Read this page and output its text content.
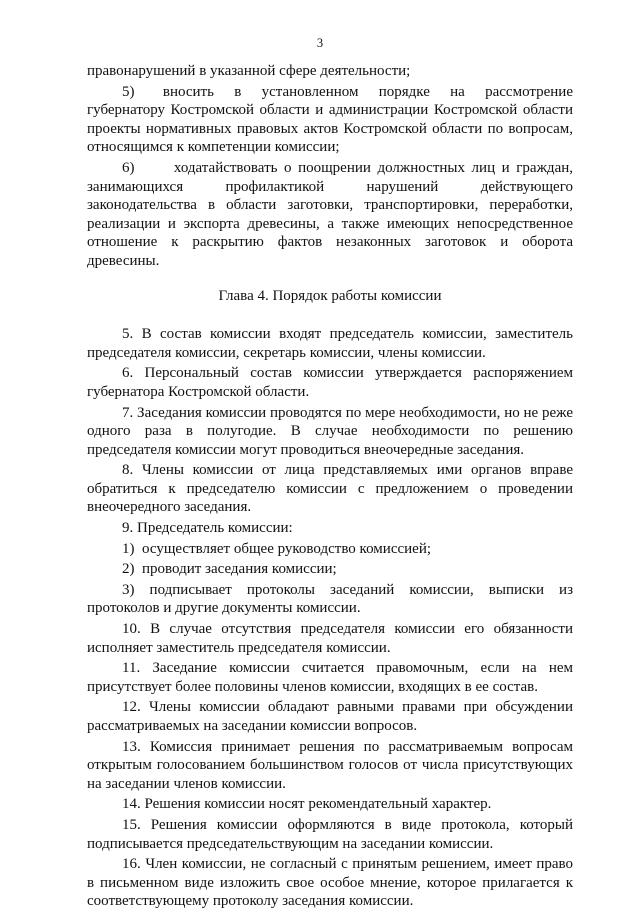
3

правонарушений в указанной сфере деятельности;

5)       вносить     в     установленном     порядке     на     рассмотрение губернатору Костромской области и администрации Костромской области проекты нормативных правовых актов Костромской области по вопросам, относящимся к компетенции комиссии;

6)      ходатайствовать о поощрении должностных лиц и граждан, занимающихся       профилактикой       нарушений       действующего законодательства в области заготовки, транспортировки, переработки, реализации и экспорта древесины, а также имеющих непосредственное отношение к раскрытию фактов незаконных заготовок и оборота древесины.

Глава 4. Порядок работы комиссии

5. В состав комиссии входят председатель комиссии, заместитель председателя комиссии, секретарь комиссии, члены комиссии.

6. Персональный состав комиссии утверждается распоряжением губернатора Костромской области.

7. Заседания комиссии проводятся по мере необходимости, но не реже одного раза в полугодие. В случае необходимости по решению председателя комиссии могут проводиться внеочередные заседания.

8. Члены комиссии от лица представляемых ими органов вправе обратиться к председателю комиссии с предложением о проведении внеочередного заседания.

9. Председатель комиссии:

1)  осуществляет общее руководство комиссией;

2)  проводит заседания комиссии;

3) подписывает протоколы заседаний комиссии, выписки из протоколов и другие документы комиссии.

10. В случае отсутствия председателя комиссии его обязанности исполняет заместитель председателя комиссии.

11. Заседание комиссии считается правомочным, если на нем присутствует более половины членов комиссии, входящих в ее состав.

12. Члены комиссии обладают равными правами при обсуждении рассматриваемых на заседании комиссии вопросов.

13. Комиссия принимает решения по рассматриваемым вопросам открытым голосованием большинством голосов от числа присутствующих на заседании членов комиссии.

14. Решения комиссии носят рекомендательный характер.

15. Решения комиссии оформляются в виде протокола, который подписывается председательствующим на заседании комиссии.

16. Член комиссии, не согласный с принятым решением, имеет право в письменном виде изложить свое особое мнение, которое прилагается к соответствующему протоколу заседания комиссии.
